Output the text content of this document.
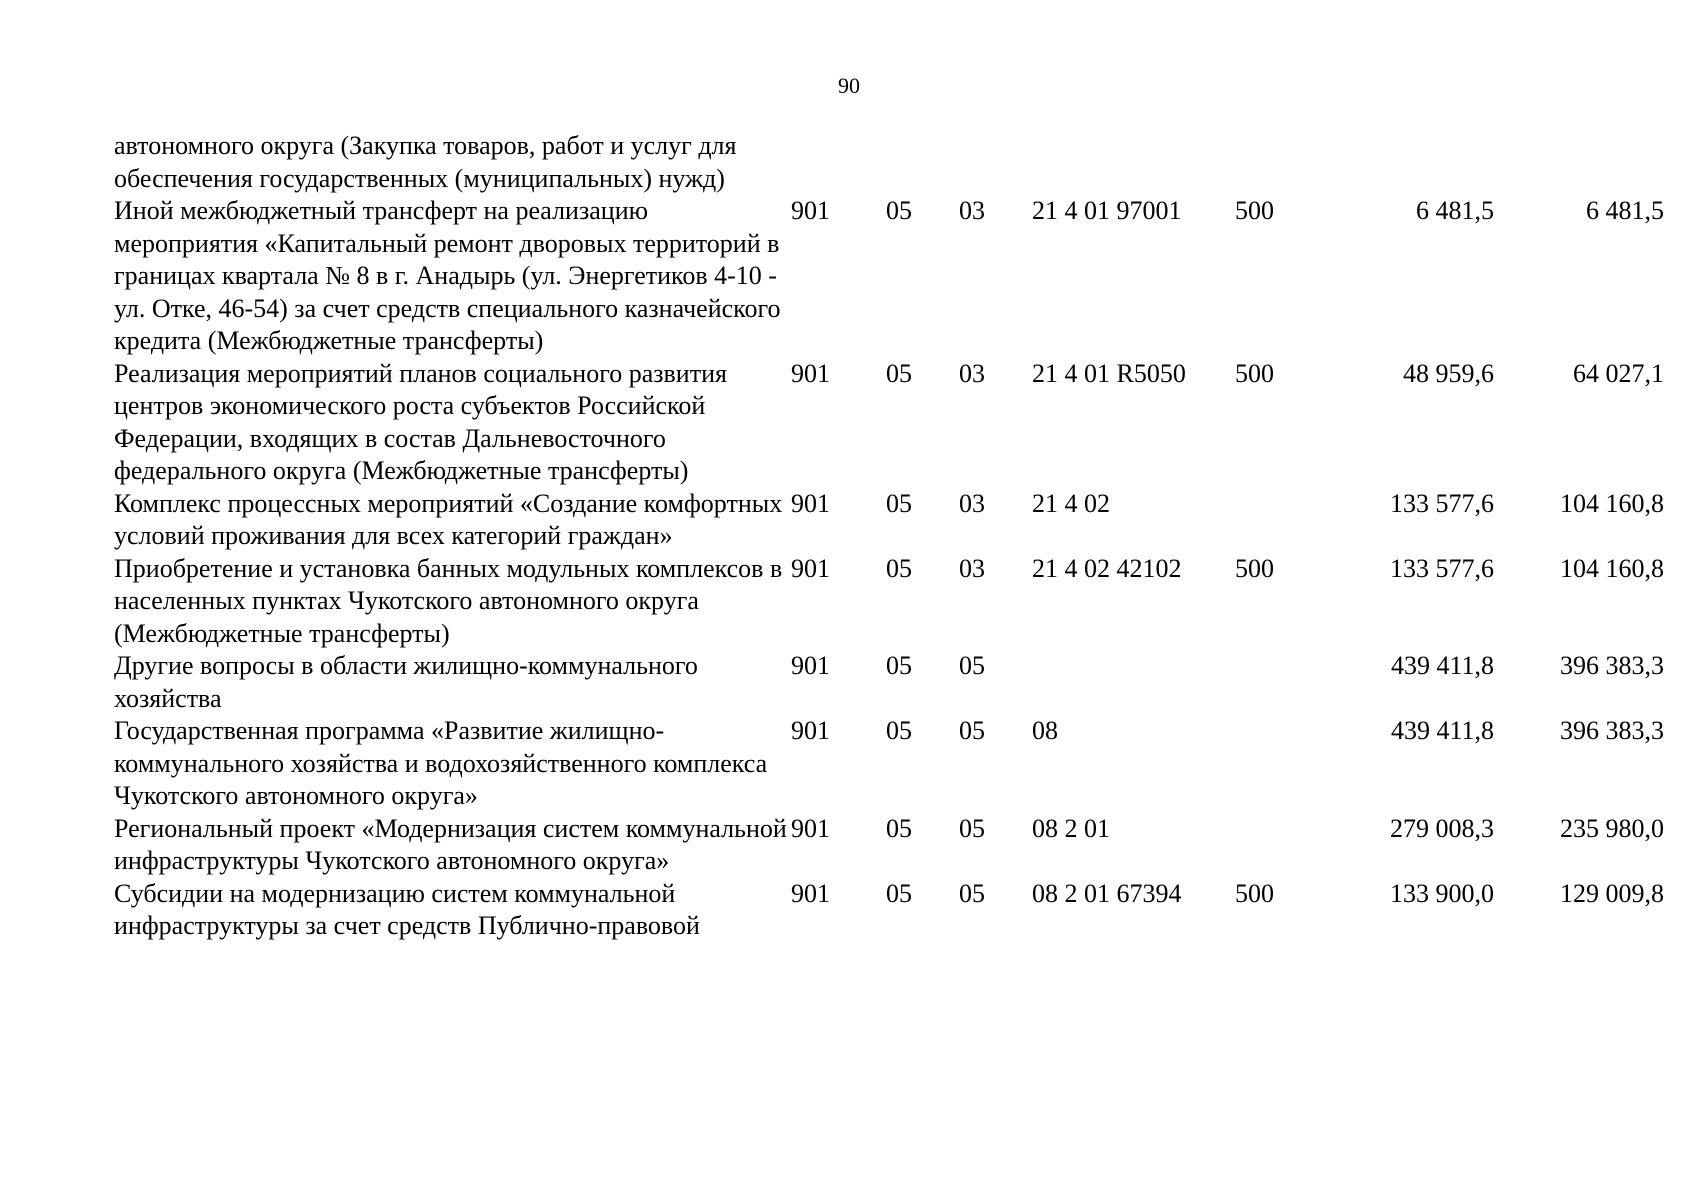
90
автономного округа (Закупка товаров, работ и услуг для обеспечения государственных (муниципальных) нужд)							
Иной межбюджетный трансферт на реализацию мероприятия «Капитальный ремонт дворовых территорий в границах квартала № 8 в г. Анадырь (ул. Энергетиков 4-10 - ул. Отке, 46-54) за счет средств специального казначейского кредита (Межбюджетные трансферты)	901	05	03	21 4 01 97001	500	6 481,5	6 481,5
Реализация мероприятий планов социального развития центров экономического роста субъектов Российской Федерации, входящих в состав Дальневосточного федерального округа (Межбюджетные трансферты)	901	05	03	21 4 01 R5050	500	48 959,6	64 027,1
Комплекс процессных мероприятий «Создание комфортных условий проживания для всех категорий граждан»	901	05	03	21 4 02		133 577,6	104 160,8
Приобретение и установка банных модульных комплексов в населенных пунктах Чукотского автономного округа (Межбюджетные трансферты)	901	05	03	21 4 02 42102	500	133 577,6	104 160,8
Другие вопросы в области жилищно-коммунального хозяйства	901	05	05			439 411,8	396 383,3
Государственная программа «Развитие жилищно-коммунального хозяйства и водохозяйственного комплекса Чукотского автономного округа»	901	05	05	08		439 411,8	396 383,3
Региональный проект «Модернизация систем коммунальной инфраструктуры Чукотского автономного округа»	901	05	05	08 2 01		279 008,3	235 980,0
Субсидии на модернизацию систем коммунальной инфраструктуры за счет средств Публично-правовой	901	05	05	08 2 01 67394	500	133 900,0	129 009,8
